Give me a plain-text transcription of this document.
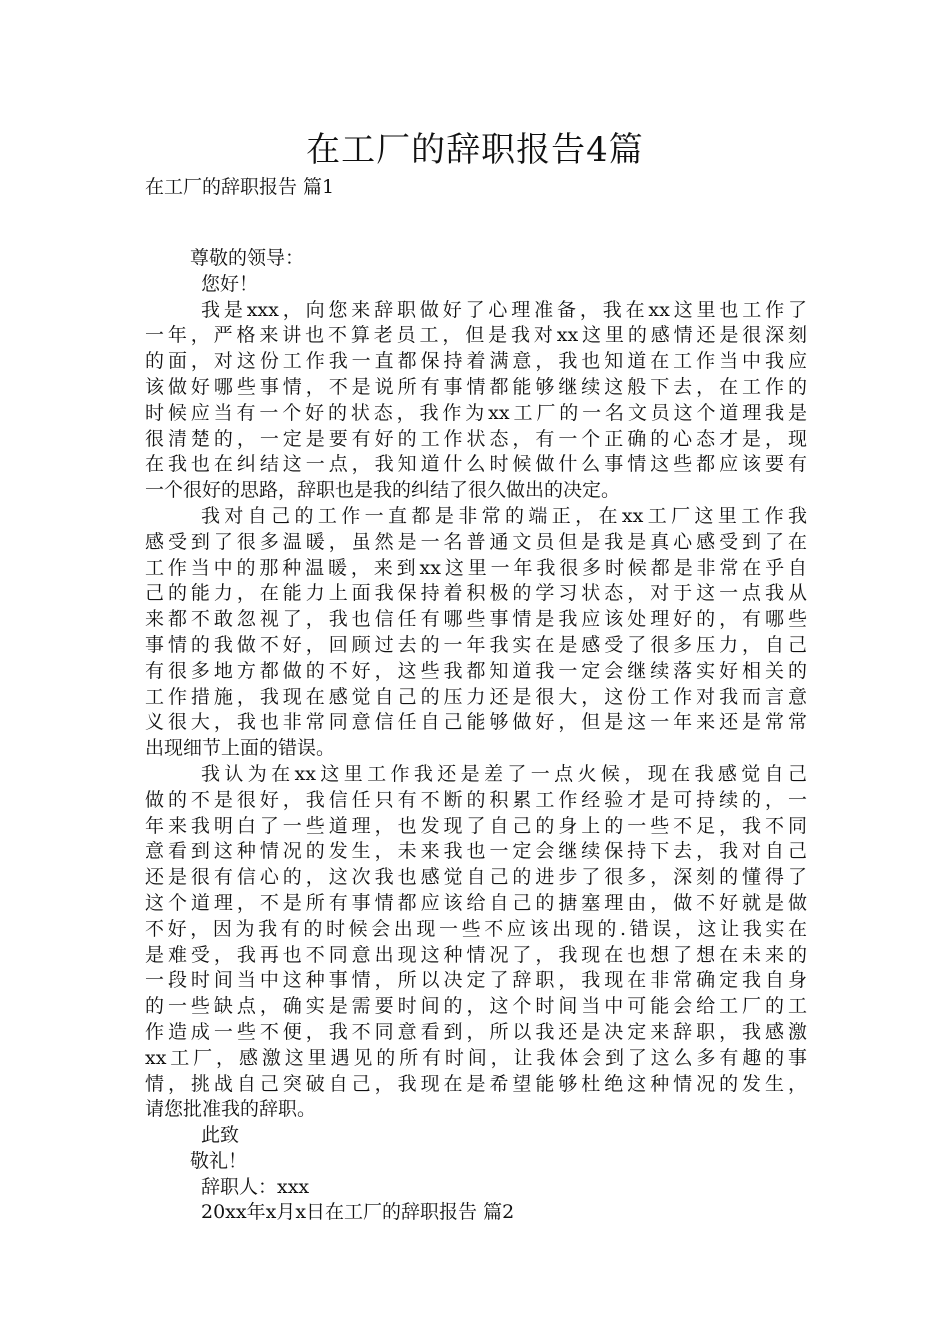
在工厂的辞职报告4篇
在工厂的辞职报告 篇1
尊敬的领导：
您好！
我是xxx，向您来辞职做好了心理准备，我在xx这里也工作了
一年，严格来讲也不算老员工，但是我对xx这里的感情还是很深刻
的面，对这份工作我一直都保持着满意，我也知道在工作当中我应
该做好哪些事情，不是说所有事情都能够继续这般下去，在工作的
时候应当有一个好的状态，我作为xx工厂的一名文员这个道理我是
很清楚的，一定是要有好的工作状态，有一个正确的心态才是，现
在我也在纠结这一点，我知道什么时候做什么事情这些都应该要有
一个很好的思路，辞职也是我的纠结了很久做出的决定。
我对自己的工作一直都是非常的端正，在xx工厂这里工作我
感受到了很多温暖，虽然是一名普通文员但是我是真心感受到了在
工作当中的那种温暖，来到xx这里一年我很多时候都是非常在乎自
己的能力，在能力上面我保持着积极的学习状态，对于这一点我从
来都不敢忽视了，我也信任有哪些事情是我应该处理好的，有哪些
事情的我做不好，回顾过去的一年我实在是感受了很多压力，自己
有很多地方都做的不好，这些我都知道我一定会继续落实好相关的
工作措施，我现在感觉自己的压力还是很大，这份工作对我而言意
义很大，我也非常同意信任自己能够做好，但是这一年来还是常常
出现细节上面的错误。
我认为在xx这里工作我还是差了一点火候，现在我感觉自己
做的不是很好，我信任只有不断的积累工作经验才是可持续的，一
年来我明白了一些道理，也发现了自己的身上的一些不足，我不同
意看到这种情况的发生，未来我也一定会继续保持下去，我对自己
还是很有信心的，这次我也感觉自己的进步了很多，深刻的懂得了
这个道理，不是所有事情都应该给自己的搪塞理由，做不好就是做
不好，因为我有的时候会出现一些不应该出现的.错误，这让我实在
是难受，我再也不同意出现这种情况了，我现在也想了想在未来的
一段时间当中这种事情，所以决定了辞职，我现在非常确定我自身
的一些缺点，确实是需要时间的，这个时间当中可能会给工厂的工
作造成一些不便，我不同意看到，所以我还是决定来辞职，我感激
xx工厂，感激这里遇见的所有时间，让我体会到了这么多有趣的事
情，挑战自己突破自己，我现在是希望能够杜绝这种情况的发生，
请您批准我的辞职。
此致
敬礼！
辞职人：xxx
20xx年x月x日在工厂的辞职报告 篇2
